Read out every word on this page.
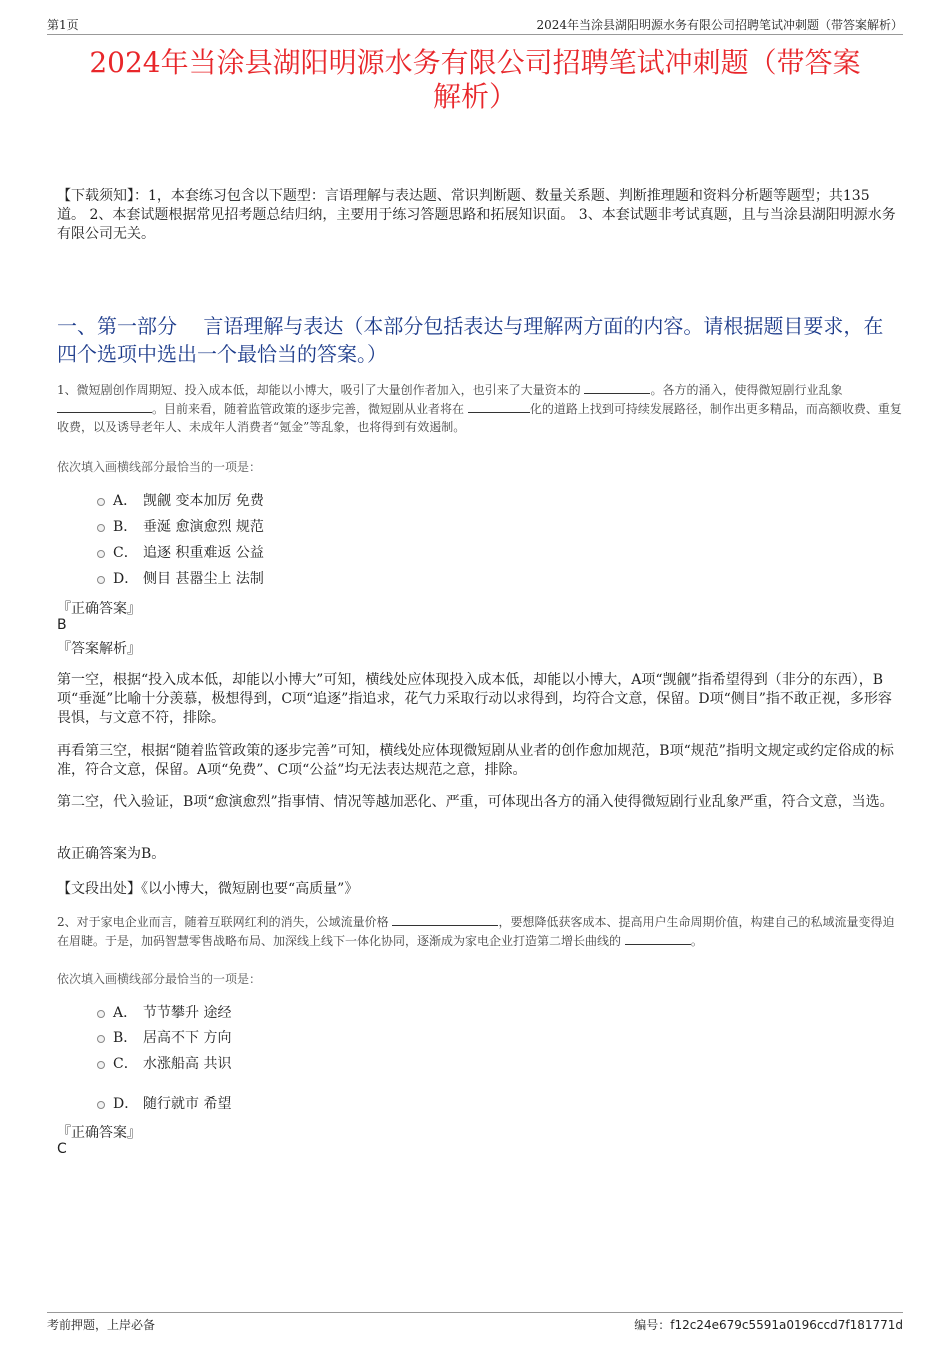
第1页	2024年当涂县湖阳明源水务有限公司招聘笔试冲刺题（带答案解析）
2024年当涂县湖阳明源水务有限公司招聘笔试冲刺题（带答案
解析）
【下载须知】：1，本套练习包含以下题型：言语理解与表达题、常识判断题、数量关系题、判断推理题和资料分析题等题型；共135道。 2、本套试题根据常见招考题总结归纳，主要用于练习答题思路和拓展知识面。 3、本套试题非考试真题，且与当涂县湖阳明源水务有限公司无关。
一、第一部分　 言语理解与表达（本部分包括表达与理解两方面的内容。请根据题目要求，在四个选项中选出一个最恰当的答案。）
1、微短剧创作周期短、投入成本低，却能以小博大，吸引了大量创作者加入，也引来了大量资本的	。各方的涌入，使得微短剧行业乱象 。目前来看，随着监管政策的逐步完善，微短剧从业者将在	化的道路上找到可持续发展路径，制作出更多精品，而高额收费、重复收费，以及诱导老年人、未成年人消费者“氪金”等乱象，也将得到有效遏制。
依次填入画横线部分最恰当的一项是：
A． 觊觎 变本加厉 免费
B． 垂涎 愈演愈烈 规范
C． 追逐 积重难返 公益
D． 侧目 甚嚣尘上 法制
『正确答案』
B
『答案解析』
第一空，根据“投入成本低，却能以小博大”可知，横线处应体现投入成本低，却能以小博大，A项“觊觎”指希望得到（非分的东西），B项“垂涎”比喻十分羡慕，极想得到，C项“追逐”指追求，花气力采取行动以求得到，均符合文意，保留。D项“侧目”指不敢正视，多形容畏惧，与文意不符，排除。
再看第三空，根据“随着监管政策的逐步完善”可知，横线处应体现微短剧从业者的创作愈加规范，B项“规范”指明文规定或约定俗成的标准，符合文意，保留。A项“免费”、C项“公益”均无法表达规范之意，排除。
第二空，代入验证，B项“愈演愈烈”指事情、情况等越加恶化、严重，可体现出各方的涌入使得微短剧行业乱象严重，符合文意，当选。
故正确答案为B。
【文段出处】《以小博大，微短剧也要“高质量”》
2、对于家电企业而言，随着互联网红利的消失，公域流量价格	，要想降低获客成本、提高用户生命周期价值，构建自己的私域流量变得迫在眉睫。于是，加码智慧零售战略布局、加深线上线下一体化协同，逐渐成为家电企业打造第二增长曲线的	。
依次填入画横线部分最恰当的一项是：
A． 节节攀升 途经
B． 居高不下 方向
C． 水涨船高 共识
D． 随行就市 希望
『正确答案』
C
考前押题，上岸必备	编号：f12c24e679c5591a0196ccd7f181771d
